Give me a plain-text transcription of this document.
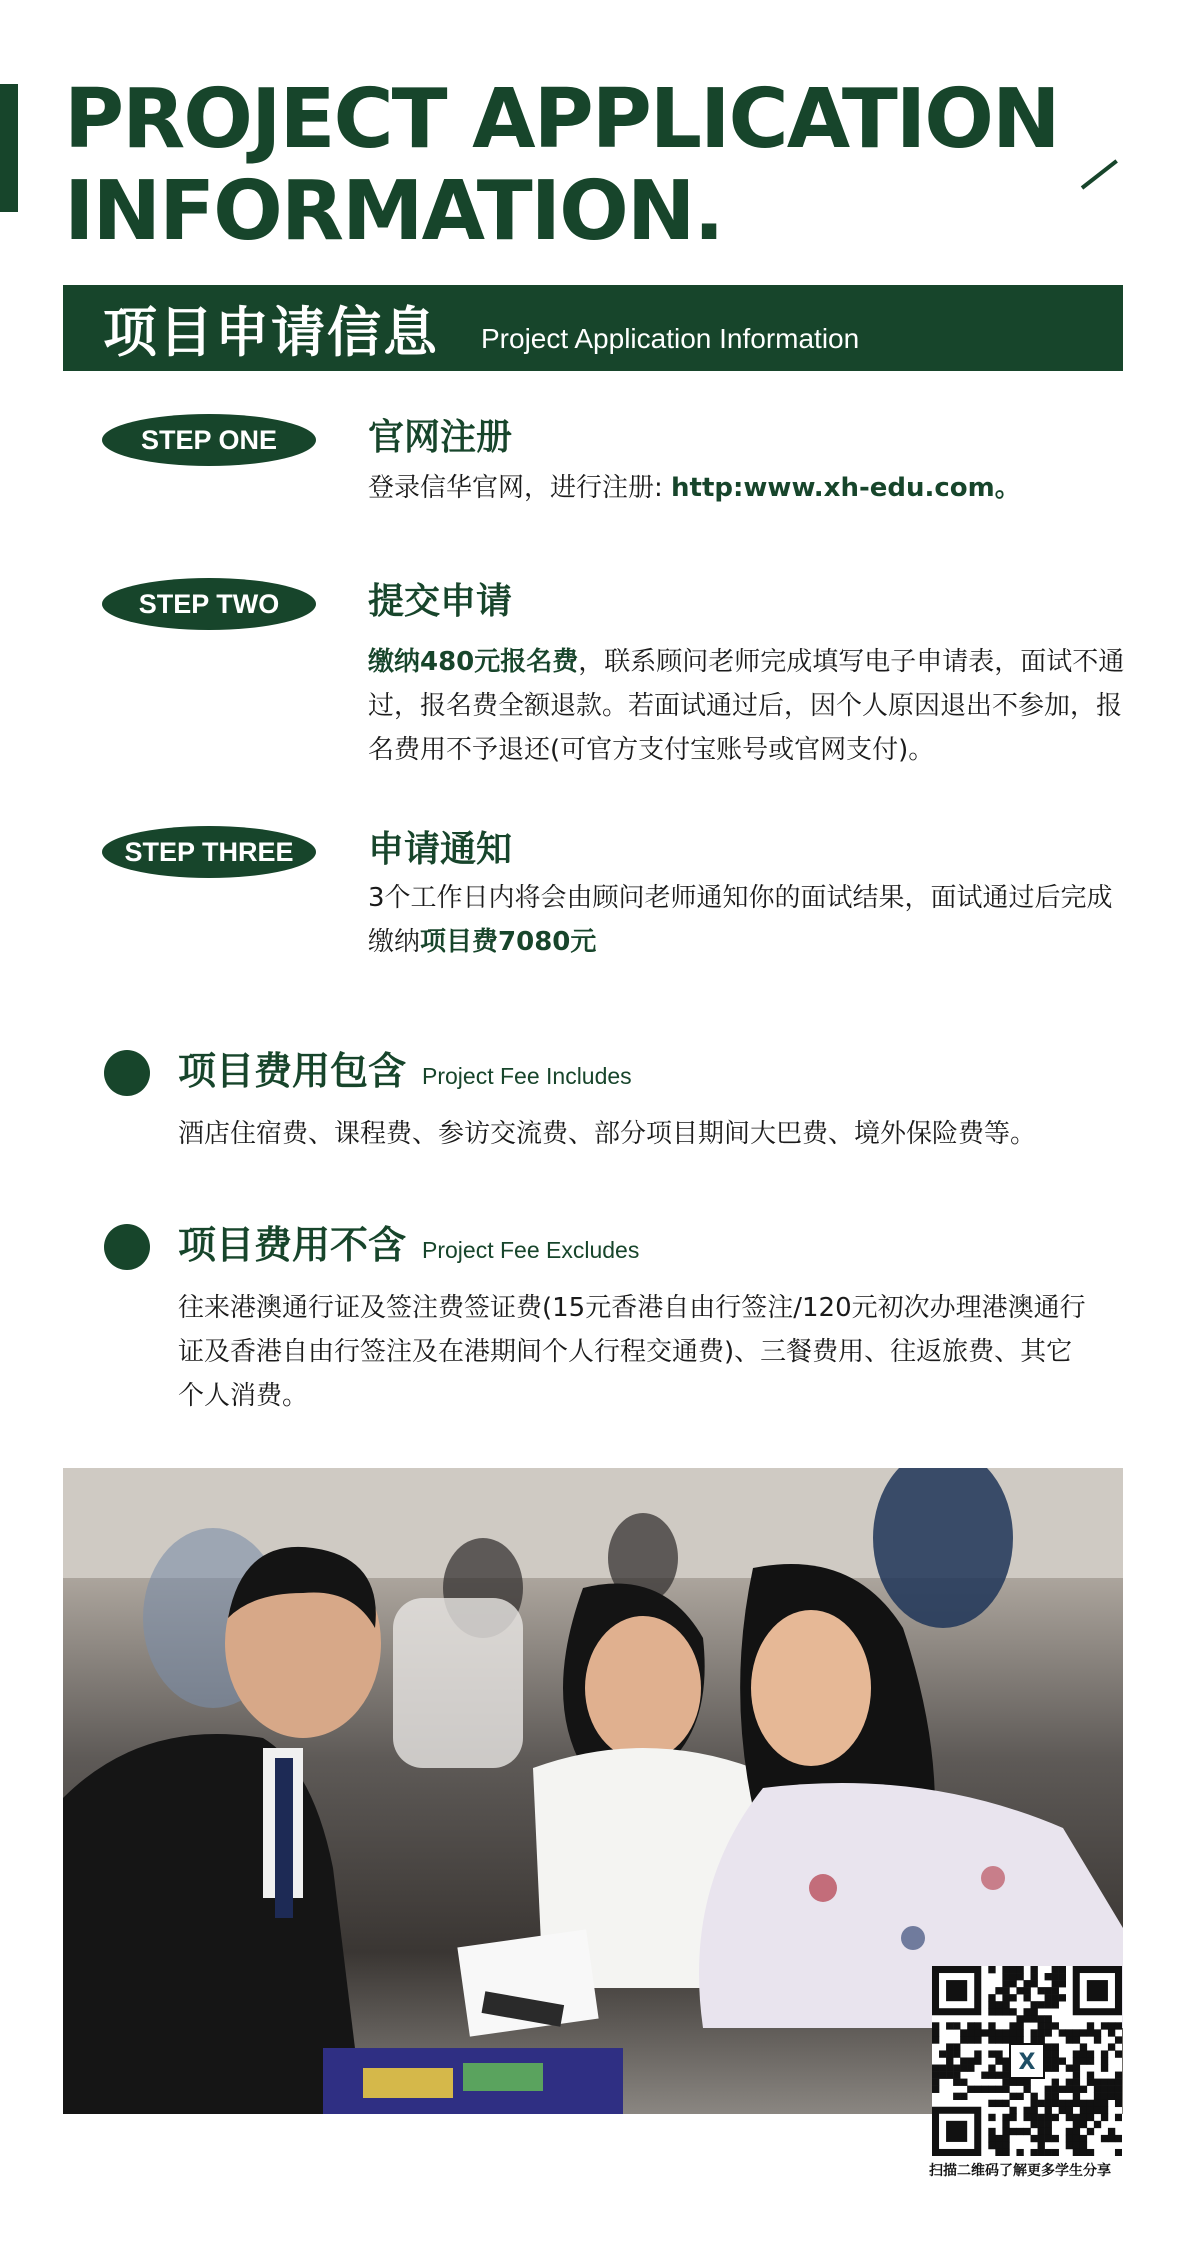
PROJECT APPLICATION
INFORMATION.
项目申请信息 Project Application Information
STEP ONE	官网注册

登录信华官网，进行注册: http:www.xh-edu.com。

STEP TWO	提交申请

缴纳480元报名费，联系顾问老师完成填写电子申请表，面试不通过，报名费全额退款。若面试通过后，因个人原因退出不参加，报名费用不予退还(可官方支付宝账号或官网支付)。

STEP THREE	申请通知

3个工作日内将会由顾问老师通知你的面试结果，面试通过后完成缴纳项目费7080元

项目费用包含 Project Fee Includes

酒店住宿费、课程费、参访交流费、部分项目期间大巴费、境外保险费等。

项目费用不含 Project Fee Excludes

往来港澳通行证及签注费签证费(15元香港自由行签注/120元初次办理港澳通行证及香港自由行签注及在港期间个人行程交通费)、三餐费用、往返旅费、其它个人消费。

X

扫描二维码了解更多学生分享
